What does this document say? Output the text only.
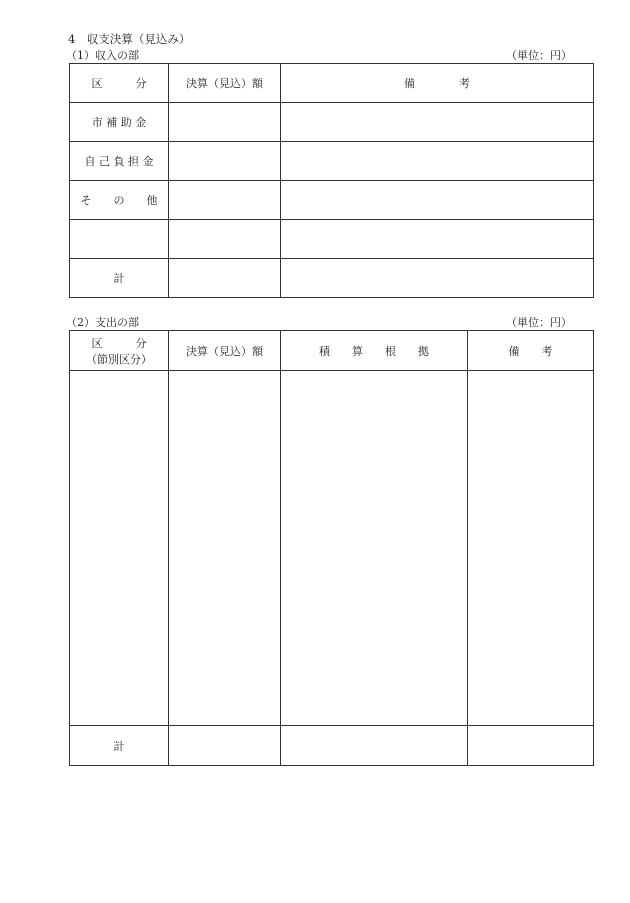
4　収支決算（見込み）
（1）収入の部	（単位：円）
区　　　分	決算（見込）額	備　　　　考
市 補 助 金		
自 己 負 担 金		
そ　　の　　他		

計		
（2）支出の部	（単位：円）
区　　　分
（節別区分）	決算（見込）額	積　　算　　根　　拠	備　　考

計			
